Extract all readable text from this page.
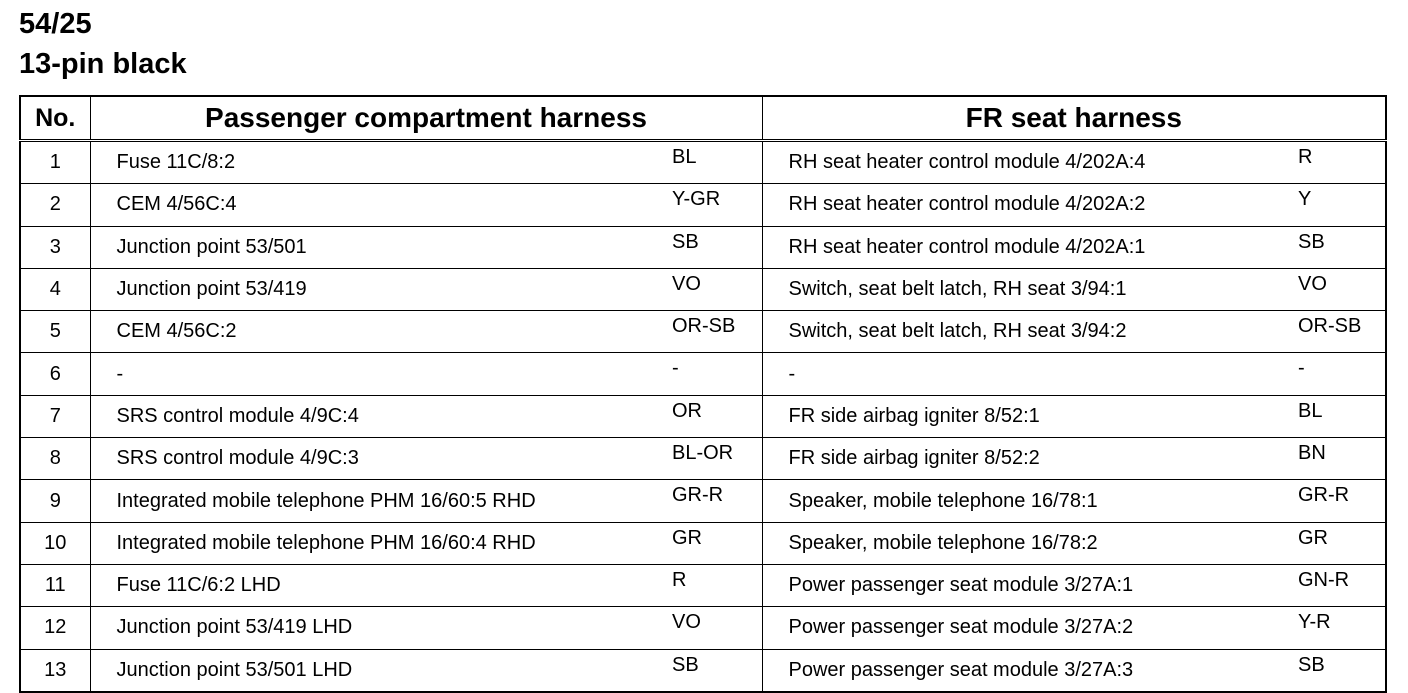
54/25
13-pin black
No.	Passenger compartment harness		FR seat harness	
1	Fuse 11C/8:2	BL	RH seat heater control module 4/202A:4	R
2	CEM 4/56C:4	Y-GR	RH seat heater control module 4/202A:2	Y
3	Junction point 53/501	SB	RH seat heater control module 4/202A:1	SB
4	Junction point 53/419	VO	Switch, seat belt latch, RH seat 3/94:1	VO
5	CEM 4/56C:2	OR-SB	Switch, seat belt latch, RH seat 3/94:2	OR-SB
6	-	-	-	-
7	SRS control module 4/9C:4	OR	FR side airbag igniter 8/52:1	BL
8	SRS control module 4/9C:3	BL-OR	FR side airbag igniter 8/52:2	BN
9	Integrated mobile telephone PHM 16/60:5 RHD	GR-R	Speaker, mobile telephone 16/78:1	GR-R
10	Integrated mobile telephone PHM 16/60:4 RHD	GR	Speaker, mobile telephone 16/78:2	GR
11	Fuse 11C/6:2 LHD	R	Power passenger seat module 3/27A:1	GN-R
12	Junction point 53/419 LHD	VO	Power passenger seat module 3/27A:2	Y-R
13	Junction point 53/501 LHD	SB	Power passenger seat module 3/27A:3	SB
